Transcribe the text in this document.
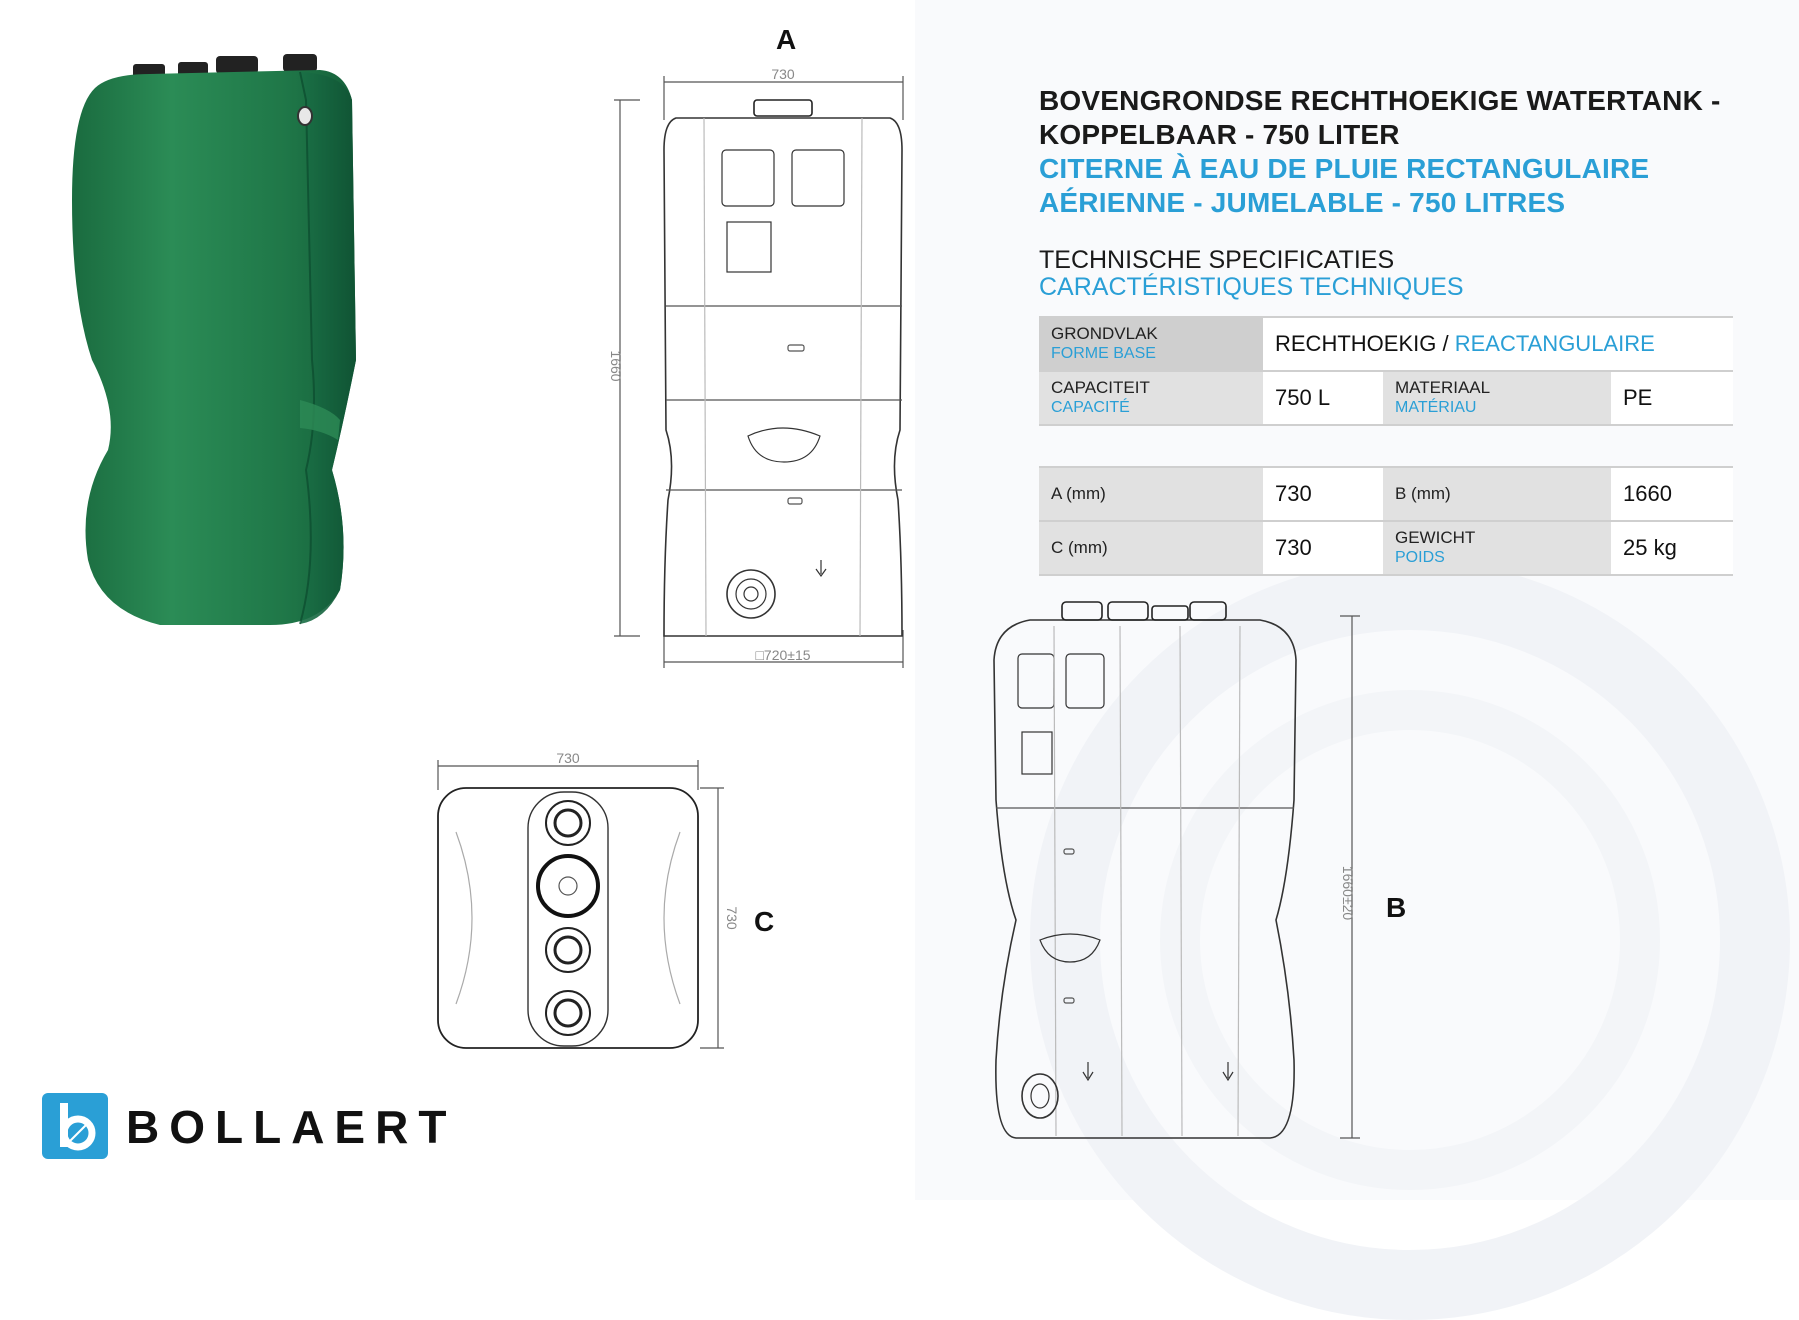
730
1660
□720±15
730
730	1660±20
A
C	B
BOVENGRONDSE RECHTHOEKIGE WATERTANK - KOPPELBAAR - 750 LITER
CITERNE À EAU DE PLUIE RECTANGULAIRE AÉRIENNE - JUMELABLE - 750 LITRES
TECHNISCHE SPECIFICATIES
CARACTÉRISTIQUES TECHNIQUES
GRONDVLAK
FORME BASE	RECHTHOEKIG / REACTANGULAIRE		

CAPACITEIT
CAPACITÉ	750 L	MATERIAAL
MATÉRIAU	PE
A (mm)	730	B (mm)	1660
C (mm)	730	GEWICHT
POIDS	25 kg
BOLLAERT
